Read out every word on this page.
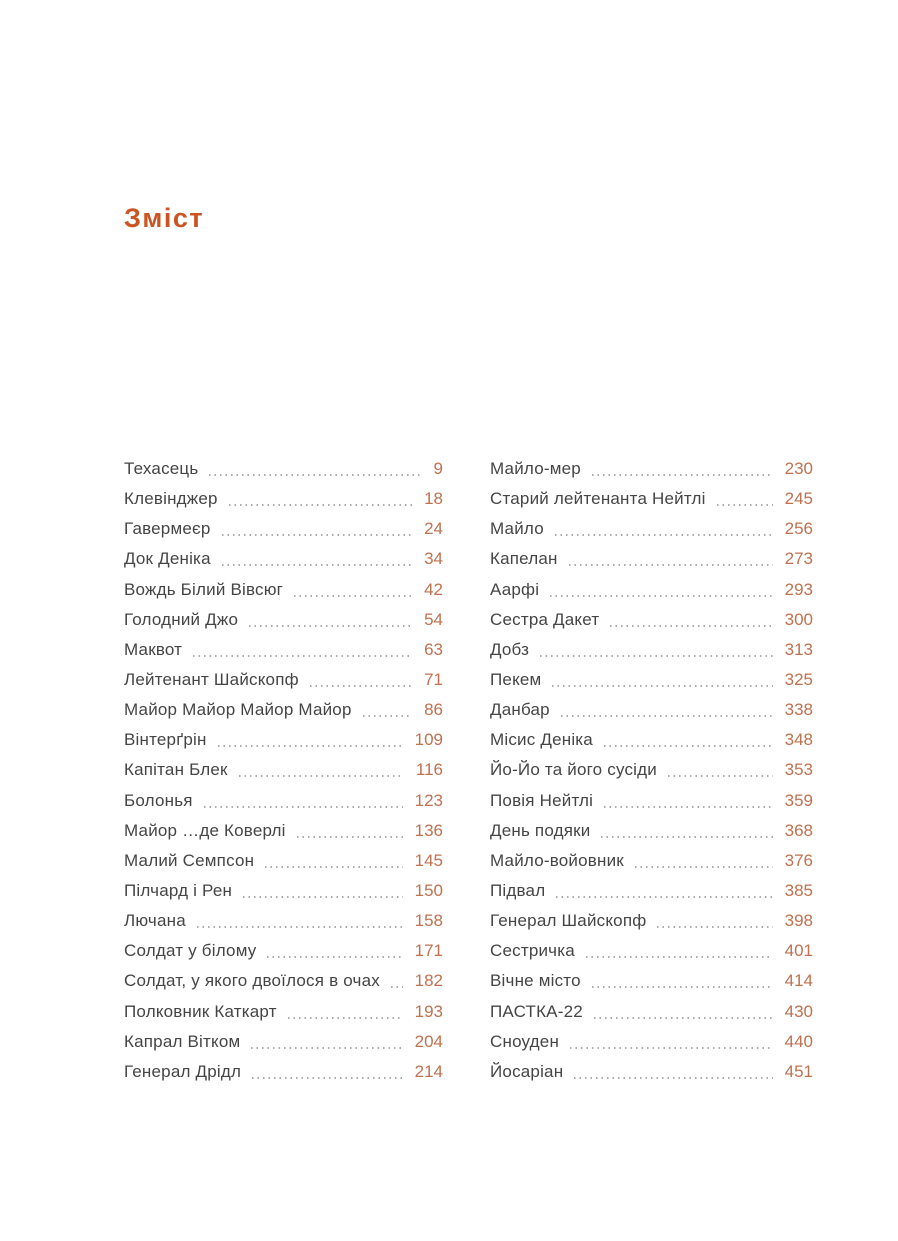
Зміст
Техасець	9
Клевінджер	18
Гавермеєр	24
Док Деніка	34
Вождь Білий Вівсюг	42
Голодний Джо	54
Маквот	63
Лейтенант Шайскопф	71
Майор Майор Майор Майор	86
Вінтерґрін	109
Капітан Блек	116
Болонья	123
Майор …де Коверлі	136
Малий Семпсон	145
Пілчард і Рен	150
Лючана	158
Солдат у білому	171
Солдат, у якого двоїлося в очах 182
Полковник Каткарт	193
Капрал Вітком	204
Генерал Дрідл	214
Майло-мер	230
Старий лейтенанта Нейтлі	245
Майло	256
Капелан	273
Аарфі	293
Сестра Дакет	300
Добз	313
Пекем	325
Данбар	338
Місис Деніка	348
Йо-Йо та його сусіди	353
Повія Нейтлі	359
День подяки	368
Майло-войовник	376
Підвал	385
Генерал Шайскопф	398
Сестричка	401
Вічне місто	414
ПАСТКА-22	430
Сноуден	440
Йосаріан	451
